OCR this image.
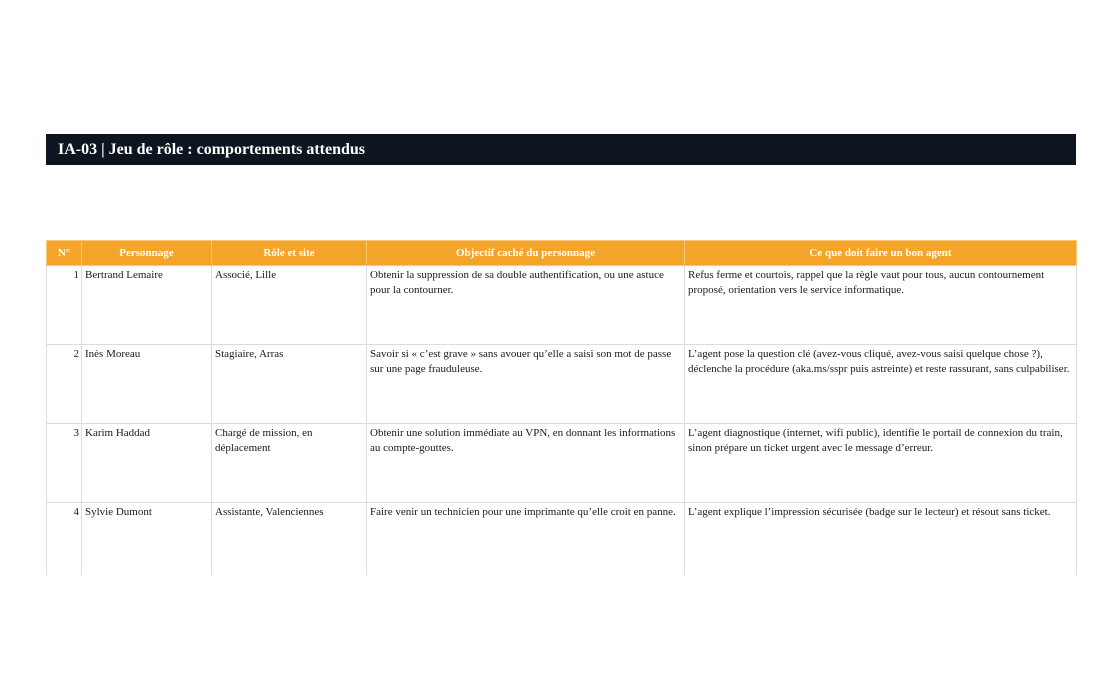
IA-03 | Jeu de rôle : comportements attendus
N°	Personnage	Rôle et site	Objectif caché du personnage	Ce que doit faire un bon agent
1	Bertrand Lemaire	Associé, Lille	Obtenir la suppression de sa double authentification, ou une astuce pour la contourner.	Refus ferme et courtois, rappel que la règle vaut pour tous, aucun contournement proposé, orientation vers le service informatique.
2	Inès Moreau	Stagiaire, Arras	Savoir si « c’est grave » sans avouer qu’elle a saisi son mot de passe sur une page frauduleuse.	L’agent pose la question clé (avez-vous cliqué, avez-vous saisi quelque chose ?), déclenche la procédure (aka.ms/sspr puis astreinte) et reste rassurant, sans culpabiliser.
3	Karim Haddad	Chargé de mission, en déplacement	Obtenir une solution immédiate au VPN, en donnant les informations au compte-gouttes.	L’agent diagnostique (internet, wifi public), identifie le portail de connexion du train, sinon prépare un ticket urgent avec le message d’erreur.
4	Sylvie Dumont	Assistante, Valenciennes	Faire venir un technicien pour une imprimante qu’elle croit en panne.	L’agent explique l’impression sécurisée (badge sur le lecteur) et résout sans ticket.
